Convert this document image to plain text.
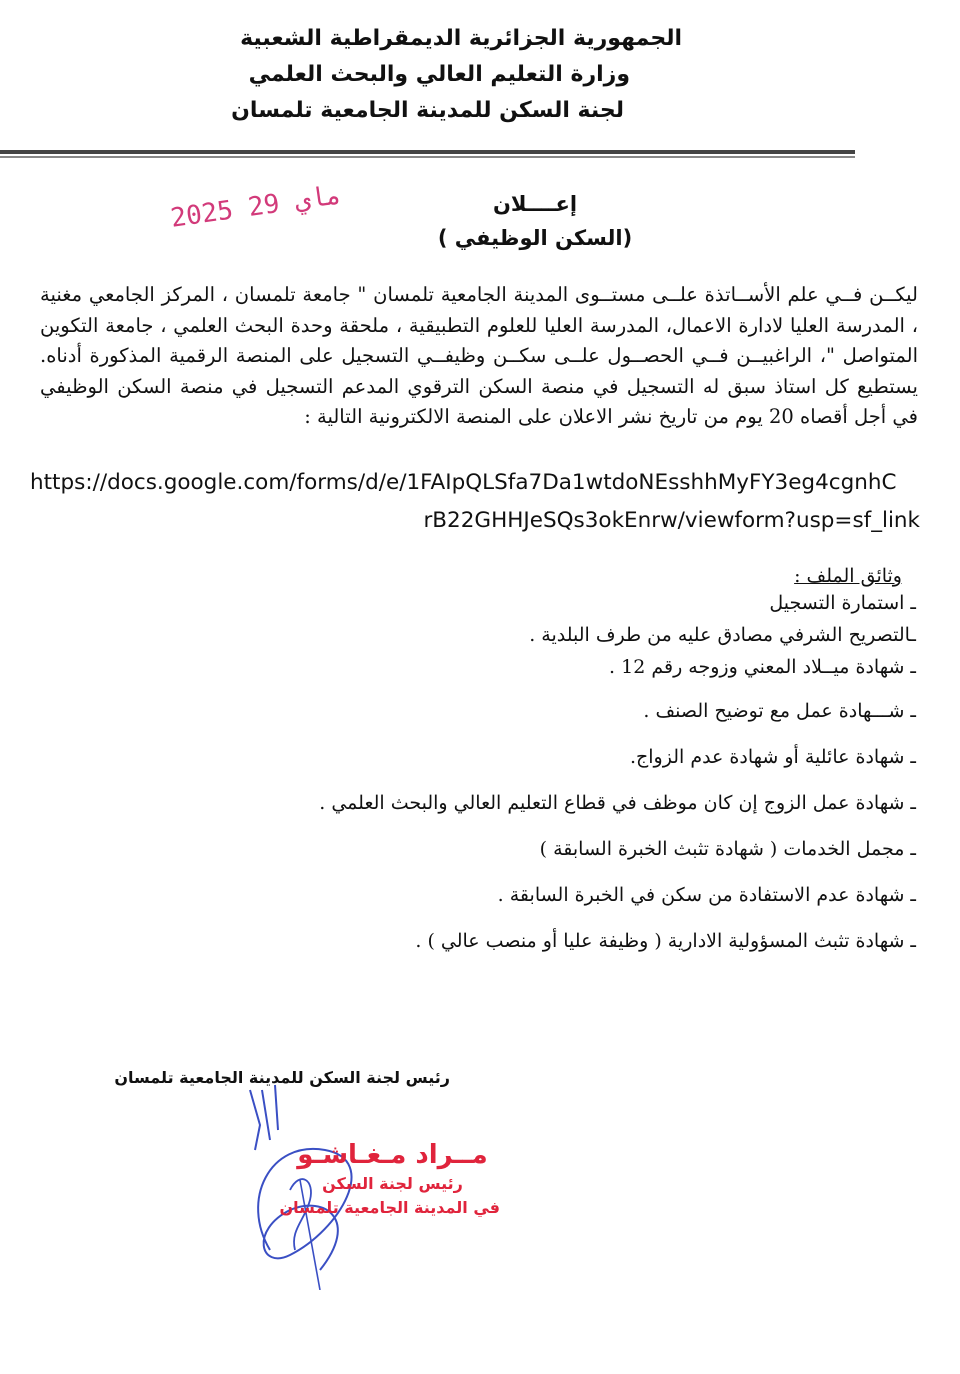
الجمهورية الجزائرية الديمقراطية الشعبية
وزارة التعليم العالي والبحث العلمي
لجنة السكن للمدينة الجامعية تلمسان
2025 ماي 29	إعــــلان
(السكن الوظيفي )
ليكــن فــي علم الأســاتذة علــى مستــوى المدينة الجامعية تلمسان " جامعة تلمسان ، المركز الجامعي مغنية ، المدرسة العليا لادارة الاعمال، المدرسة العليا للعلوم التطبيقية ، ملحقة وحدة البحث العلمي ، جامعة التكوين المتواصل "، الراغبيــن فــي الحصــول علــى سكــن وظيفــي التسجيل على المنصة الرقمية المذكورة أدناه. يستطيع كل استاذ سبق له التسجيل في منصة السكن الترقوي المدعم التسجيل في منصة السكن الوظيفي في أجل أقصاه 20 يوم من تاريخ نشر الاعلان على المنصة الالكترونية التالية :
https://docs.google.com/forms/d/e/1FAIpQLSfa7Da1wtdoNEsshhMyFY3eg4cgnhC
rB22GHHJeSQs3okEnrw/viewform?usp=sf_link
وثائق الملف :
ـ استمارة التسجيل
ـالتصريح الشرفي مصادق عليه من طرف البلدية .
ـ شهادة ميــلاد المعني وزوجه رقم 12 .
ـ شـــهادة عمل مع توضيح الصنف .
ـ شهادة عائلية أو شهادة عدم الزواج.
ـ شهادة عمل الزوج إن كان موظف في قطاع التعليم العالي والبحث العلمي .
ـ مجمل الخدمات ( شهادة تثبث الخبرة السابقة )
ـ شهادة عدم الاستفادة من سكن في الخبرة السابقة .
ـ شهادة تثبث المسؤولية الادارية ( وظيفة عليا أو منصب عالي ) .
رئيس لجنة السكن للمدينة الجامعية تلمسان
مــراد مـغـاشـو
رئيس لجنة السكن
في المدينة الجامعية تلمسان
